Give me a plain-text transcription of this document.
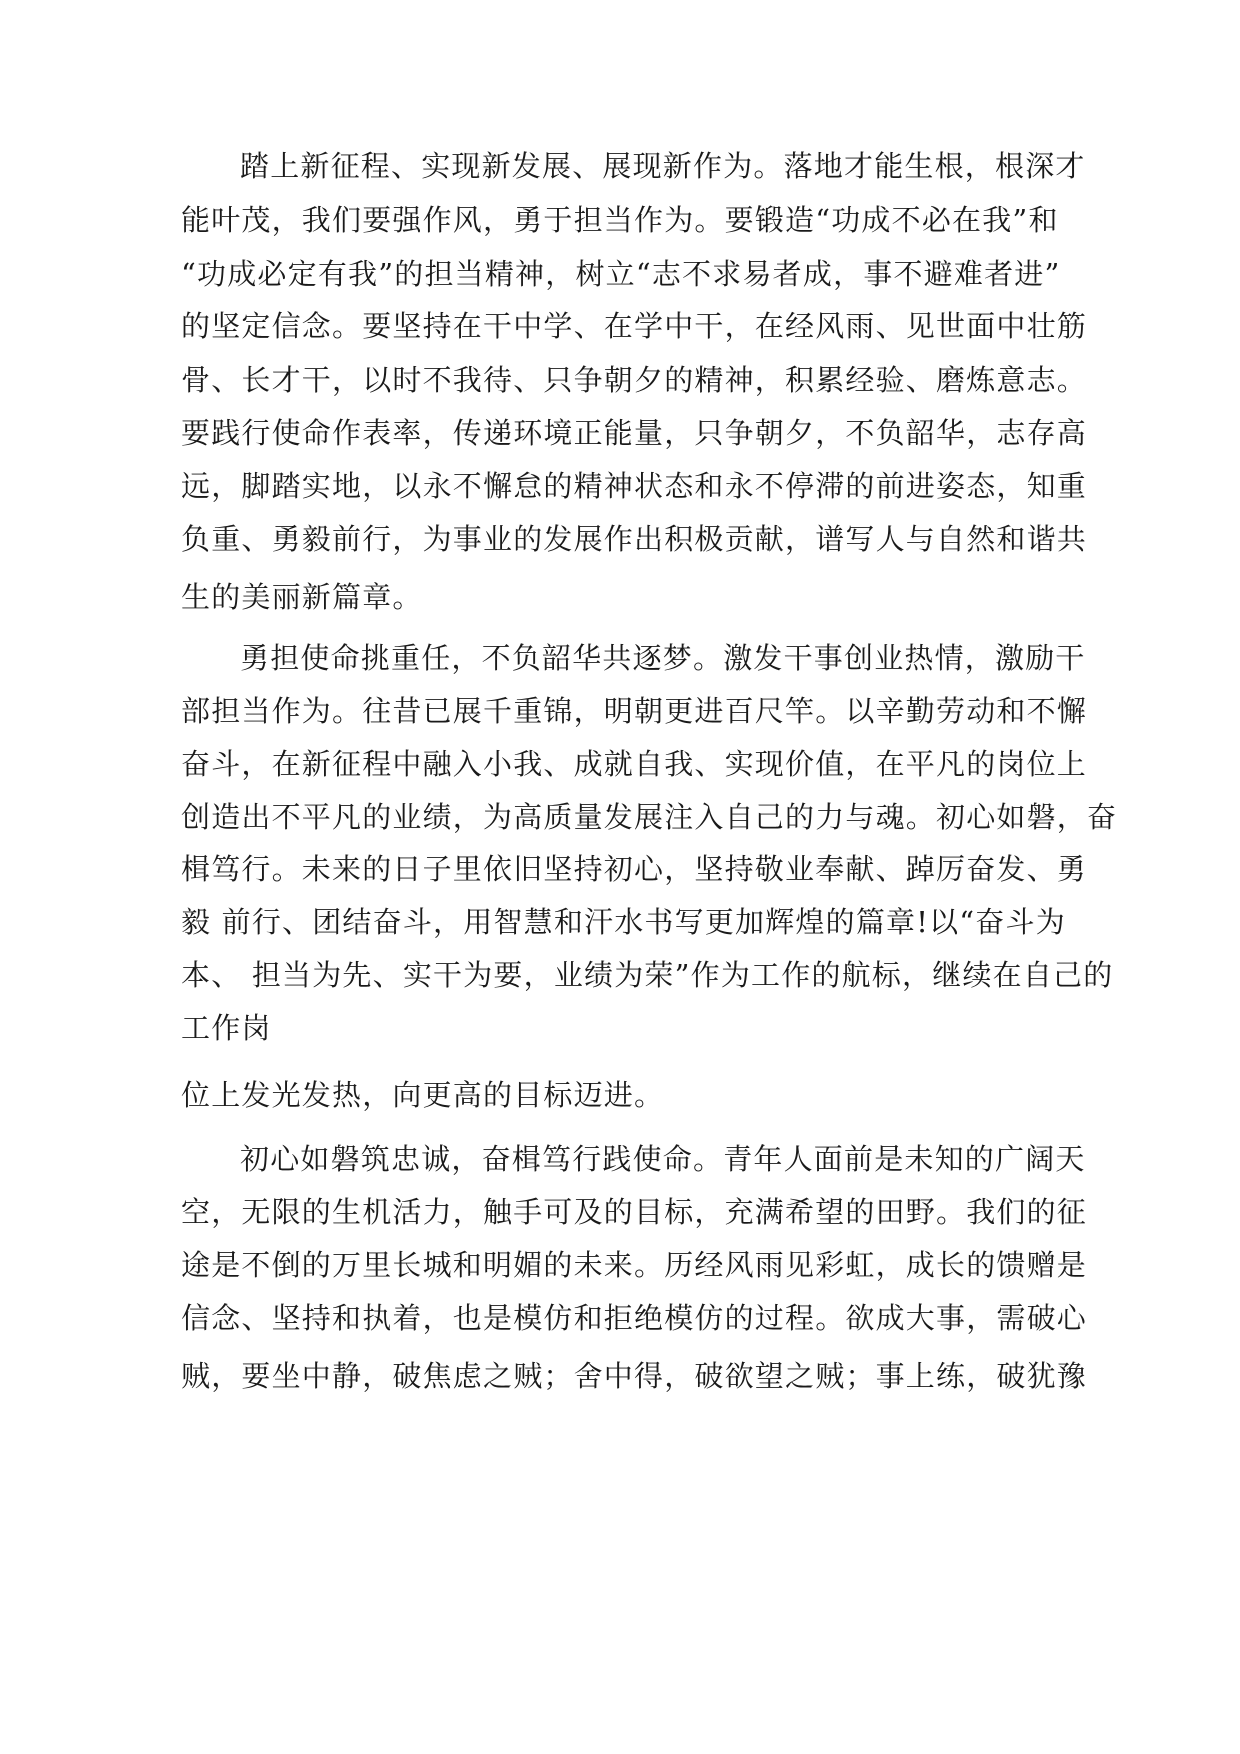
踏上新征程、实现新发展、展现新作为。落地才能生根，根深才

能叶茂，我们要强作风，勇于担当作为。要锻造“功成不必在我”和

“功成必定有我”的担当精神，树立“志不求易者成，事不避难者进”

的坚定信念。要坚持在干中学、在学中干，在经风雨、见世面中壮筋

骨、长才干，以时不我待、只争朝夕的精神，积累经验、磨炼意志。

要践行使命作表率，传递环境正能量，只争朝夕，不负韶华，志存高

远，脚踏实地，以永不懈怠的精神状态和永不停滞的前进姿态，知重

负重、勇毅前行，为事业的发展作出积极贡献，谱写人与自然和谐共

生的美丽新篇章。

勇担使命挑重任，不负韶华共逐梦。激发干事创业热情，激励干

部担当作为。往昔已展千重锦，明朝更进百尺竿。以辛勤劳动和不懈

奋斗，在新征程中融入小我、成就自我、实现价值，在平凡的岗位上

创造出不平凡的业绩，为高质量发展注入自己的力与魂。初心如磐，奋

楫笃行。未来的日子里依旧坚持初心，坚持敬业奉献、踔厉奋发、勇

毅 前行、团结奋斗，用智慧和汗水书写更加辉煌的篇章!以“奋斗为

本、 担当为先、实干为要，业绩为荣”作为工作的航标，继续在自己的

工作岗

位上发光发热，向更高的目标迈进。

初心如磐筑忠诚，奋楫笃行践使命。青年人面前是未知的广阔天

空，无限的生机活力，触手可及的目标，充满希望的田野。我们的征

途是不倒的万里长城和明媚的未来。历经风雨见彩虹，成长的馈赠是

信念、坚持和执着，也是模仿和拒绝模仿的过程。欲成大事，需破心

贼，要坐中静，破焦虑之贼；舍中得，破欲望之贼；事上练，破犹豫
